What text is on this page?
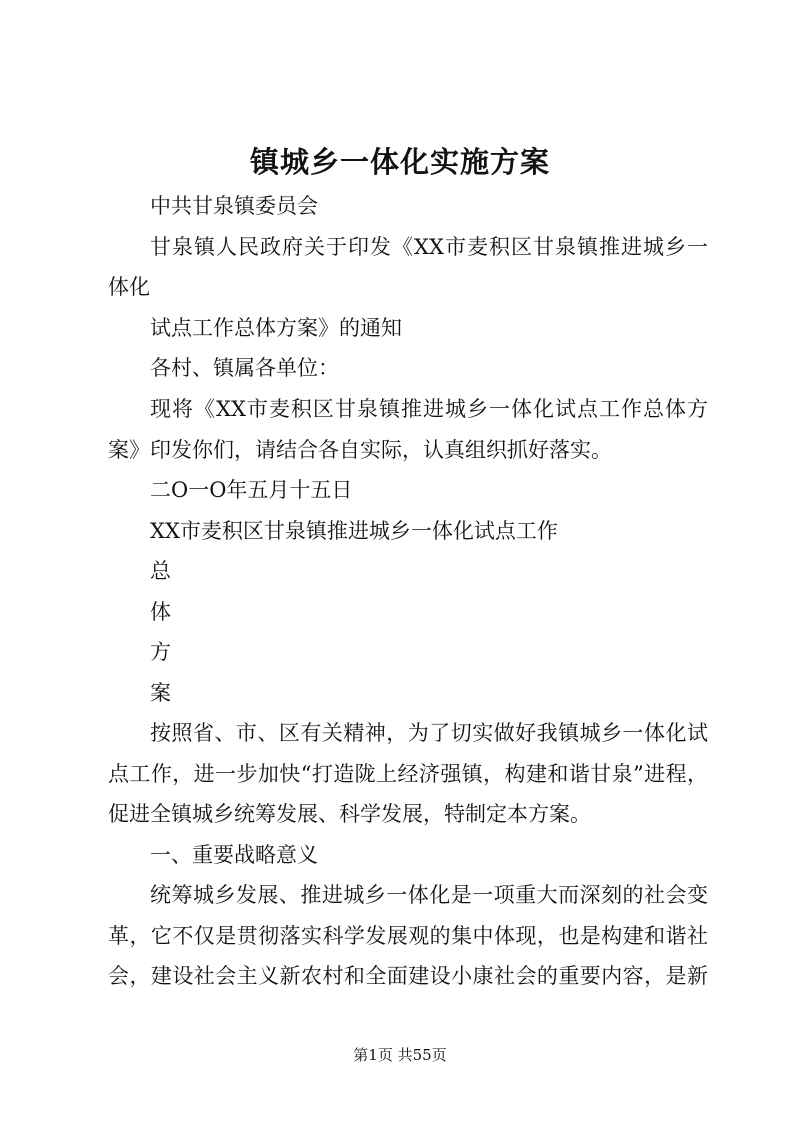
镇城乡一体化实施方案
中共甘泉镇委员会
甘泉镇人民政府关于印发《XX市麦积区甘泉镇推进城乡一
体化
试点工作总体方案》的通知
各村、镇属各单位：
现将《XX市麦积区甘泉镇推进城乡一体化试点工作总体方
案》印发你们，请结合各自实际，认真组织抓好落实。
二O一O年五月十五日
XX市麦积区甘泉镇推进城乡一体化试点工作
总
体
方
案
按照省、市、区有关精神，为了切实做好我镇城乡一体化试
点工作，进一步加快“打造陇上经济强镇，构建和谐甘泉”进程，
促进全镇城乡统筹发展、科学发展，特制定本方案。
一、重要战略意义
统筹城乡发展、推进城乡一体化是一项重大而深刻的社会变
革，它不仅是贯彻落实科学发展观的集中体现，也是构建和谐社
会，建设社会主义新农村和全面建设小康社会的重要内容，是新
第1页 共55页
